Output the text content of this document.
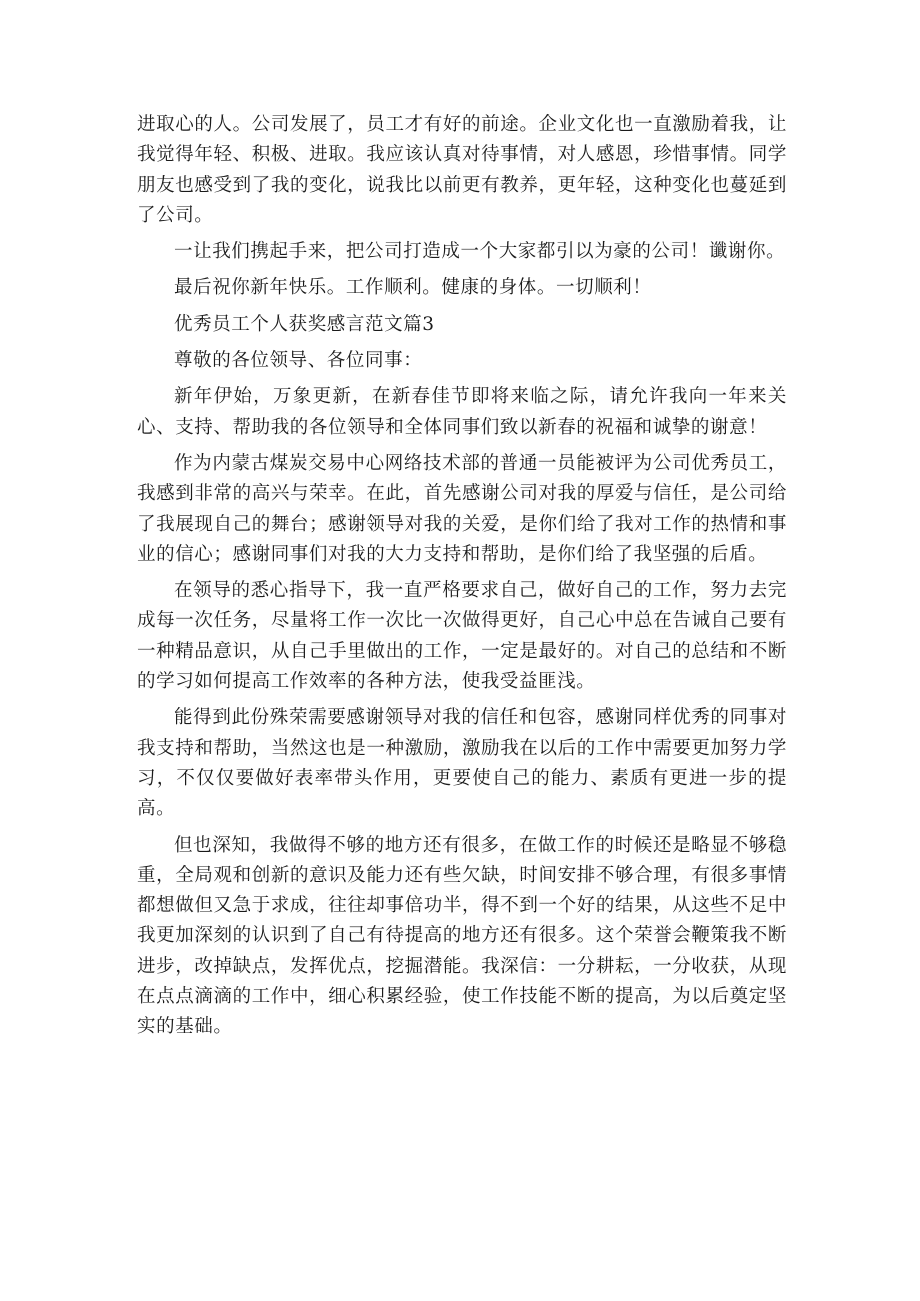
进取心的人。公司发展了，员工才有好的前途。企业文化也一直激励着我，让我觉得年轻、积极、进取。我应该认真对待事情，对人感恩，珍惜事情。同学朋友也感受到了我的变化，说我比以前更有教养，更年轻，这种变化也蔓延到了公司。

一让我们携起手来，把公司打造成一个大家都引以为豪的公司！谶谢你。

最后祝你新年快乐。工作顺利。健康的身体。一切顺利！

优秀员工个人获奖感言范文篇3

尊敬的各位领导、各位同事：

新年伊始，万象更新，在新春佳节即将来临之际，请允许我向一年来关心、支持、帮助我的各位领导和全体同事们致以新春的祝福和诚挚的谢意！

作为内蒙古煤炭交易中心网络技术部的普通一员能被评为公司优秀员工，我感到非常的高兴与荣幸。在此，首先感谢公司对我的厚爱与信任，是公司给了我展现自己的舞台；感谢领导对我的关爱，是你们给了我对工作的热情和事业的信心；感谢同事们对我的大力支持和帮助，是你们给了我坚强的后盾。

在领导的悉心指导下，我一直严格要求自己，做好自己的工作，努力去完成每一次任务，尽量将工作一次比一次做得更好，自己心中总在告诫自己要有一种精品意识，从自己手里做出的工作，一定是最好的。对自己的总结和不断的学习如何提高工作效率的各种方法，使我受益匪浅。

能得到此份殊荣需要感谢领导对我的信任和包容，感谢同样优秀的同事对我支持和帮助，当然这也是一种激励，激励我在以后的工作中需要更加努力学习，不仅仅要做好表率带头作用，更要使自己的能力、素质有更进一步的提高。

但也深知，我做得不够的地方还有很多，在做工作的时候还是略显不够稳重，全局观和创新的意识及能力还有些欠缺，时间安排不够合理，有很多事情都想做但又急于求成，往往却事倍功半，得不到一个好的结果，从这些不足中我更加深刻的认识到了自己有待提高的地方还有很多。这个荣誉会鞭策我不断进步，改掉缺点，发挥优点，挖掘潜能。我深信：一分耕耘，一分收获，从现在点点滴滴的工作中，细心积累经验，使工作技能不断的提高，为以后奠定坚实的基础。
